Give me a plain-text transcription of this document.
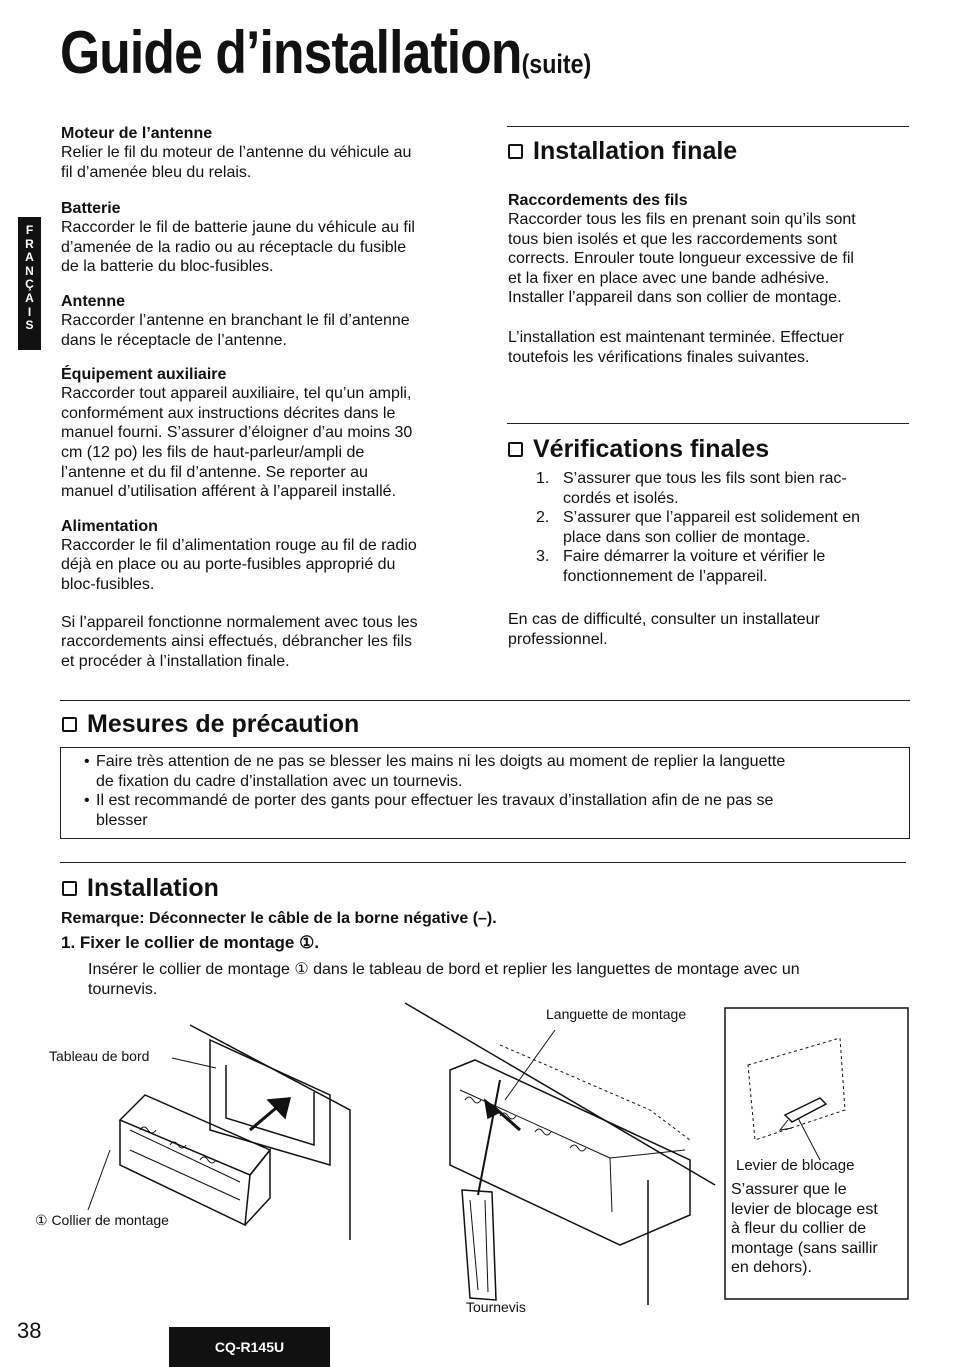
Guide d’installation(suite)
F
R
A
N
Ç
A
I
S
Moteur de l’antenne
Relier le fil du moteur de l’antenne du véhicule au
fil d’amenée bleu du relais.
Batterie
Raccorder le fil de batterie jaune du véhicule au fil
d’amenée de la radio ou au réceptacle du fusible
de la batterie du bloc-fusibles.
Antenne
Raccorder l’antenne en branchant le fil d’antenne
dans le réceptacle de l’antenne.
Équipement auxiliaire
Raccorder tout appareil auxiliaire, tel qu’un ampli,
conformément aux instructions décrites dans le
manuel fourni. S’assurer d’éloigner d’au moins 30
cm (12 po) les fils de haut-parleur/ampli de
l’antenne et du fil d’antenne. Se reporter au
manuel d’utilisation afférent à l’appareil installé.
Alimentation
Raccorder le fil d’alimentation rouge au fil de radio
déjà en place ou au porte-fusibles approprié du
bloc-fusibles.
Si l’appareil fonctionne normalement avec tous les
raccordements ainsi effectués, débrancher les fils
et procéder à l’installation finale.
Installation finale
Raccordements des fils
Raccorder tous les fils en prenant soin qu’ils sont
tous bien isolés et que les raccordements sont
corrects. Enrouler toute longueur excessive de fil
et la fixer en place avec une bande adhésive.
Installer l’appareil dans son collier de montage.
L’installation est maintenant terminée. Effectuer
toutefois les vérifications finales suivantes.
Vérifications finales
1. S’assurer que tous les fils sont bien rac-
cordés et isolés.
2. S’assurer que l’appareil est solidement en
place dans son collier de montage.
3. Faire démarrer la voiture et vérifier le
fonctionnement de l’appareil.
En cas de difficulté, consulter un installateur
professionnel.
Mesures de précaution
• Faire très attention de ne pas se blesser les mains ni les doigts au moment de replier la languette
de fixation du cadre d’installation avec un tournevis.
• Il est recommandé de porter des gants pour effectuer les travaux d’installation afin de ne pas se
blesser
Installation
Remarque: Déconnecter le câble de la borne négative (–).
1. Fixer le collier de montage ①.
Insérer le collier de montage ① dans le tableau de bord et replier les languettes de montage avec un
tournevis.
Tableau de bord
① Collier de montage
Languette de montage
Tournevis
Levier de blocage
S’assurer que le
levier de blocage est
à fleur du collier de
montage (sans saillir
en dehors).
38
CQ-R145U
